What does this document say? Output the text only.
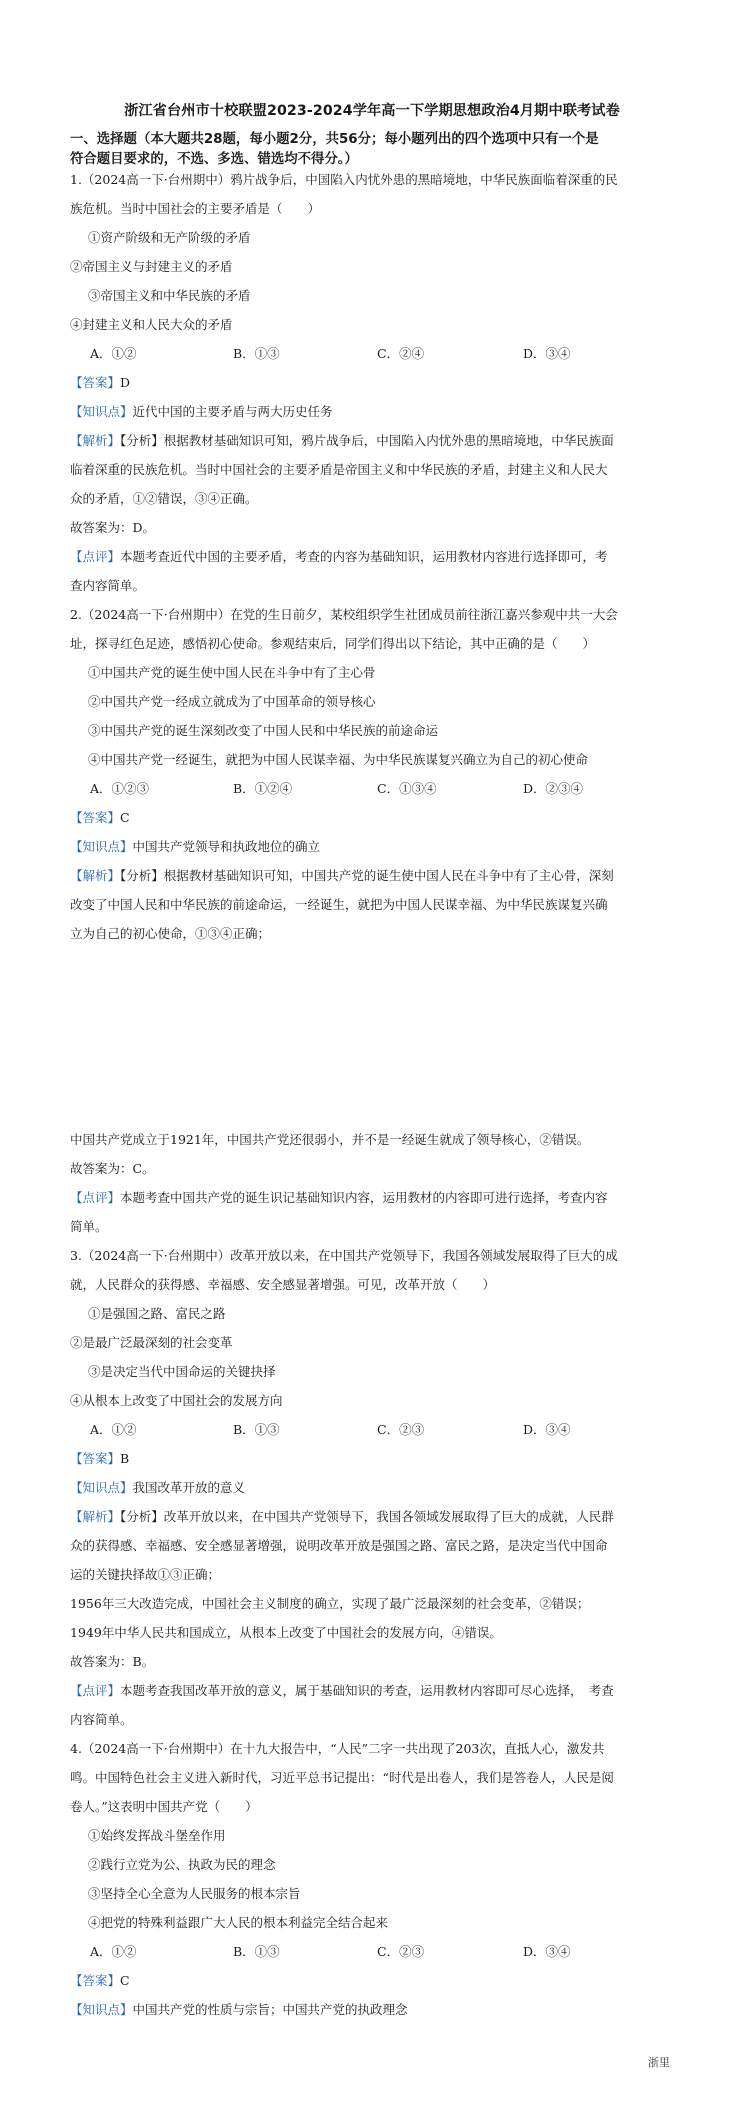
浙江省台州市十校联盟2023-2024学年高一下学期思想政治4月期中联考试卷
一、选择题（本大题共28题，每小题2分，共56分；每小题列出的四个选项中只有一个是
符合题目要求的，不选、多选、错选均不得分。）
1.（2024高一下·台州期中）鸦片战争后，中国陷入内忧外患的黑暗境地，中华民族面临着深重的民
族危机。当时中国社会的主要矛盾是（　　）
①资产阶级和无产阶级的矛盾
②帝国主义与封建主义的矛盾
③帝国主义和中华民族的矛盾
④封建主义和人民大众的矛盾
A．①②	B．①③	C．②④	D．③④
【答案】D
【知识点】近代中国的主要矛盾与两大历史任务
【解析】【分析】根据教材基础知识可知，鸦片战争后，中国陷入内忧外患的黑暗境地，中华民族面
临着深重的民族危机。当时中国社会的主要矛盾是帝国主义和中华民族的矛盾，封建主义和人民大
众的矛盾，①②错误，③④正确。
故答案为：D。
【点评】本题考查近代中国的主要矛盾，考查的内容为基础知识，运用教材内容进行选择即可，考
查内容简单。
2.（2024高一下·台州期中）在党的生日前夕，某校组织学生社团成员前往浙江嘉兴参观中共一大会
址，探寻红色足迹，感悟初心使命。参观结束后，同学们得出以下结论，其中正确的是（　　）
①中国共产党的诞生使中国人民在斗争中有了主心骨
②中国共产党一经成立就成为了中国革命的领导核心
③中国共产党的诞生深刻改变了中国人民和中华民族的前途命运
④中国共产党一经诞生，就把为中国人民谋幸福、为中华民族谋复兴确立为自己的初心使命
A．①②③	B．①②④	C．①③④	D．②③④
【答案】C
【知识点】中国共产党领导和执政地位的确立
【解析】【分析】根据教材基础知识可知，中国共产党的诞生使中国人民在斗争中有了主心骨，深刻
改变了中国人民和中华民族的前途命运，一经诞生，就把为中国人民谋幸福、为中华民族谋复兴确
立为自己的初心使命，①③④正确；
中国共产党成立于1921年，中国共产党还很弱小，并不是一经诞生就成了领导核心，②错误。
故答案为：C。
【点评】本题考查中国共产党的诞生识记基础知识内容，运用教材的内容即可进行选择，考查内容
简单。
3.（2024高一下·台州期中）改革开放以来，在中国共产党领导下，我国各领域发展取得了巨大的成
就，人民群众的获得感、幸福感、安全感显著增强。可见，改革开放（　　）
①是强国之路、富民之路
②是最广泛最深刻的社会变革
③是决定当代中国命运的关键抉择
④从根本上改变了中国社会的发展方向
A．①②	B．①③	C．②③	D．③④
【答案】B
【知识点】我国改革开放的意义
【解析】【分析】改革开放以来，在中国共产党领导下，我国各领域发展取得了巨大的成就，人民群
众的获得感、幸福感、安全感显著增强，说明改革开放是强国之路、富民之路，是决定当代中国命
运的关键抉择故①③正确；
1956年三大改造完成，中国社会主义制度的确立，实现了最广泛最深刻的社会变革，②错误；
1949年中华人民共和国成立，从根本上改变了中国社会的发展方向，④错误。
故答案为：B。
【点评】本题考查我国改革开放的意义，属于基础知识的考查，运用教材内容即可尽心选择，　考查
内容简单。
4.（2024高一下·台州期中）在十九大报告中，“人民”二字一共出现了203次，直抵人心，激发共
鸣。中国特色社会主义进入新时代，习近平总书记提出：“时代是出卷人，我们是答卷人，人民是阅
卷人。”这表明中国共产党（　　）
①始终发挥战斗堡垒作用
②践行立党为公、执政为民的理念
③坚持全心全意为人民服务的根本宗旨
④把党的特殊利益跟广大人民的根本利益完全结合起来
A．①②	B．①③	C．②③	D．③④
【答案】C
【知识点】中国共产党的性质与宗旨；中国共产党的执政理念
浙里
